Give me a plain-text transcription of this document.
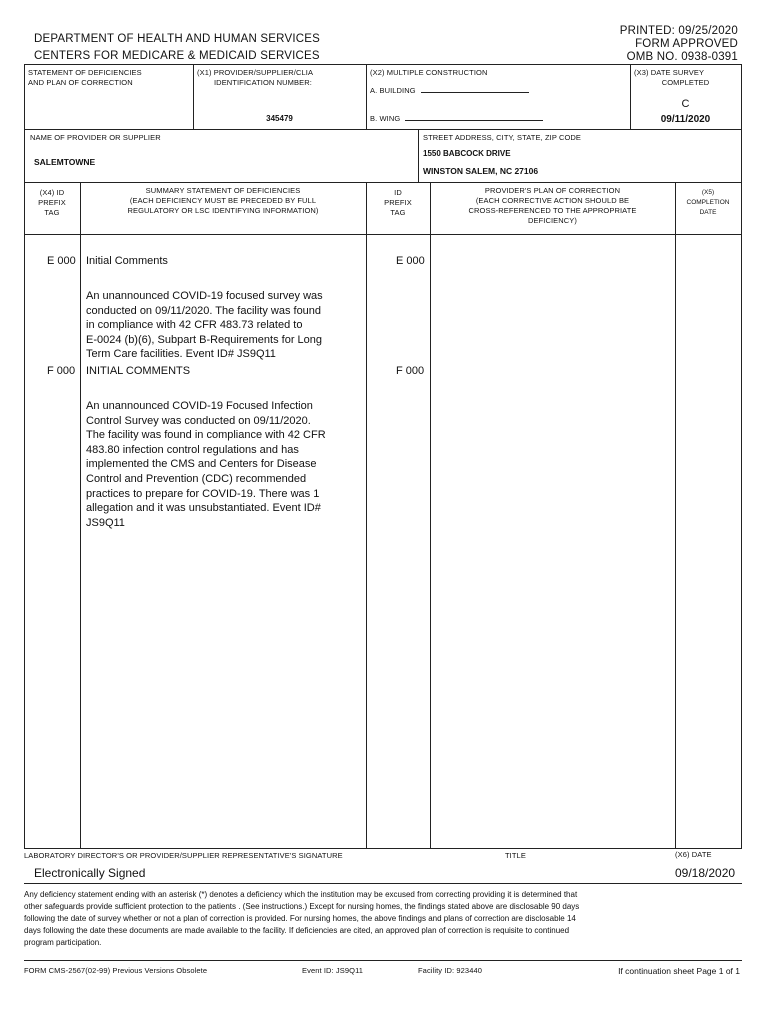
DEPARTMENT OF HEALTH AND HUMAN SERVICES
CENTERS FOR MEDICARE & MEDICAID SERVICES
PRINTED: 09/25/2020
FORM APPROVED
OMB NO. 0938-0391
STATEMENT OF DEFICIENCIES
AND PLAN OF CORRECTION
(X1) PROVIDER/SUPPLIER/CLIA
IDENTIFICATION NUMBER:
345479
(X2) MULTIPLE CONSTRUCTION
A. BUILDING
B. WING
(X3) DATE SURVEY
COMPLETED
C
09/11/2020
NAME OF PROVIDER OR SUPPLIER
SALEMTOWNE
STREET ADDRESS, CITY, STATE, ZIP CODE
1550 BABCOCK DRIVE
WINSTON SALEM, NC 27106
(X4) ID
PREFIX
TAG
SUMMARY STATEMENT OF DEFICIENCIES
(EACH DEFICIENCY MUST BE PRECEDED BY FULL
REGULATORY OR LSC IDENTIFYING INFORMATION)
ID
PREFIX
TAG
PROVIDER'S PLAN OF CORRECTION
(EACH CORRECTIVE ACTION SHOULD BE
CROSS-REFERENCED TO THE APPROPRIATE
DEFICIENCY)
(X5)
COMPLETION
DATE
E 000 Initial Comments	E 000
An unannounced COVID-19 focused survey was
conducted on 09/11/2020. The facility was found
in compliance with 42 CFR 483.73 related to
E-0024 (b)(6), Subpart B-Requirements for Long
Term Care facilities. Event ID# JS9Q11
F 000 INITIAL COMMENTS	F 000
An unannounced COVID-19 Focused Infection
Control Survey was conducted on 09/11/2020.
The facility was found in compliance with 42 CFR
483.80 infection control regulations and has
implemented the CMS and Centers for Disease
Control and Prevention (CDC) recommended
practices to prepare for COVID-19. There was 1
allegation and it was unsubstantiated. Event ID#
JS9Q11
LABORATORY DIRECTOR'S OR PROVIDER/SUPPLIER REPRESENTATIVE'S SIGNATURE
Electronically Signed
TITLE	(X6) DATE
09/18/2020
Any deficiency statement ending with an asterisk (*) denotes a deficiency which the institution may be excused from correcting providing it is determined that
other safeguards provide sufficient protection to the patients . (See instructions.) Except for nursing homes, the findings stated above are disclosable 90 days
following the date of survey whether or not a plan of correction is provided. For nursing homes, the above findings and plans of correction are disclosable 14
days following the date these documents are made available to the facility. If deficiencies are cited, an approved plan of correction is requisite to continued
program participation.
FORM CMS-2567(02-99) Previous Versions Obsolete	Event ID: JS9Q11	Facility ID: 923440	If continuation sheet Page 1 of 1
